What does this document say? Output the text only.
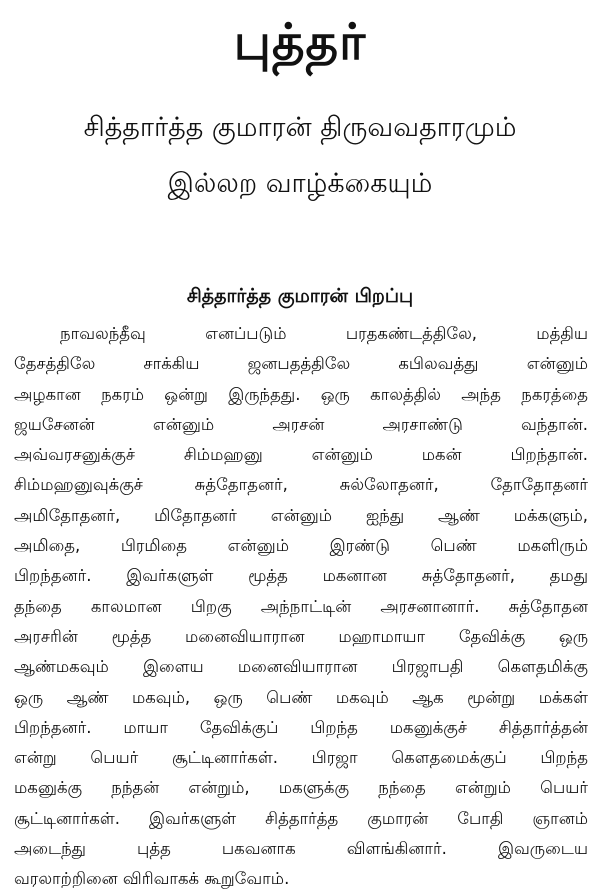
புத்தர்
சித்தார்த்த குமாரன் திருவவதாரமும்
இல்லற வாழ்க்கையும்
சித்தார்த்த குமாரன் பிறப்பு
நாவலந்தீவு எனப்படும் பரதகண்டத்திலே, மத்திய
தேசத்திலே சாக்கிய ஜனபதத்திலே கபிலவத்து என்னும்
அழகான நகரம் ஒன்று இருந்தது. ஒரு காலத்தில் அந்த நகரத்தை
ஜயசேனன் என்னும் அரசன் அரசாண்டு வந்தான்.
அவ்வரசனுக்குச் சிம்மஹனு என்னும் மகன் பிறந்தான்.
சிம்மஹனுவுக்குச் சுத்தோதனர், சுல்லோதனர், தோதோதனர்
அமிதோதனர், மிதோதனர் என்னும் ஐந்து ஆண் மக்களும்,
அமிதை, பிரமிதை என்னும் இரண்டு பெண் மகளிரும்
பிறந்தனர். இவர்களுள் மூத்த மகனான சுத்தோதனர், தமது
தந்தை காலமான பிறகு அந்நாட்டின் அரசனானார். சுத்தோதன
அரசரின் மூத்த மனைவியாரான மஹாமாயா தேவிக்கு ஒரு
ஆண்மகவும் இளைய மனைவியாரான பிரஜாபதி கௌதமிக்கு
ஒரு ஆண் மகவும், ஒரு பெண் மகவும் ஆக மூன்று மக்கள்
பிறந்தனர். மாயா தேவிக்குப் பிறந்த மகனுக்குச் சித்தார்த்தன்
என்று பெயர் சூட்டினார்கள். பிரஜா கௌதமைக்குப் பிறந்த
மகனுக்கு நந்தன் என்றும், மகளுக்கு நந்தை என்றும் பெயர்
சூட்டினார்கள். இவர்களுள் சித்தார்த்த குமாரன் போதி ஞானம்
அடைந்து புத்த பகவனாக விளங்கினார். இவருடைய
வரலாற்றினை விரிவாகக் கூறுவோம்.
